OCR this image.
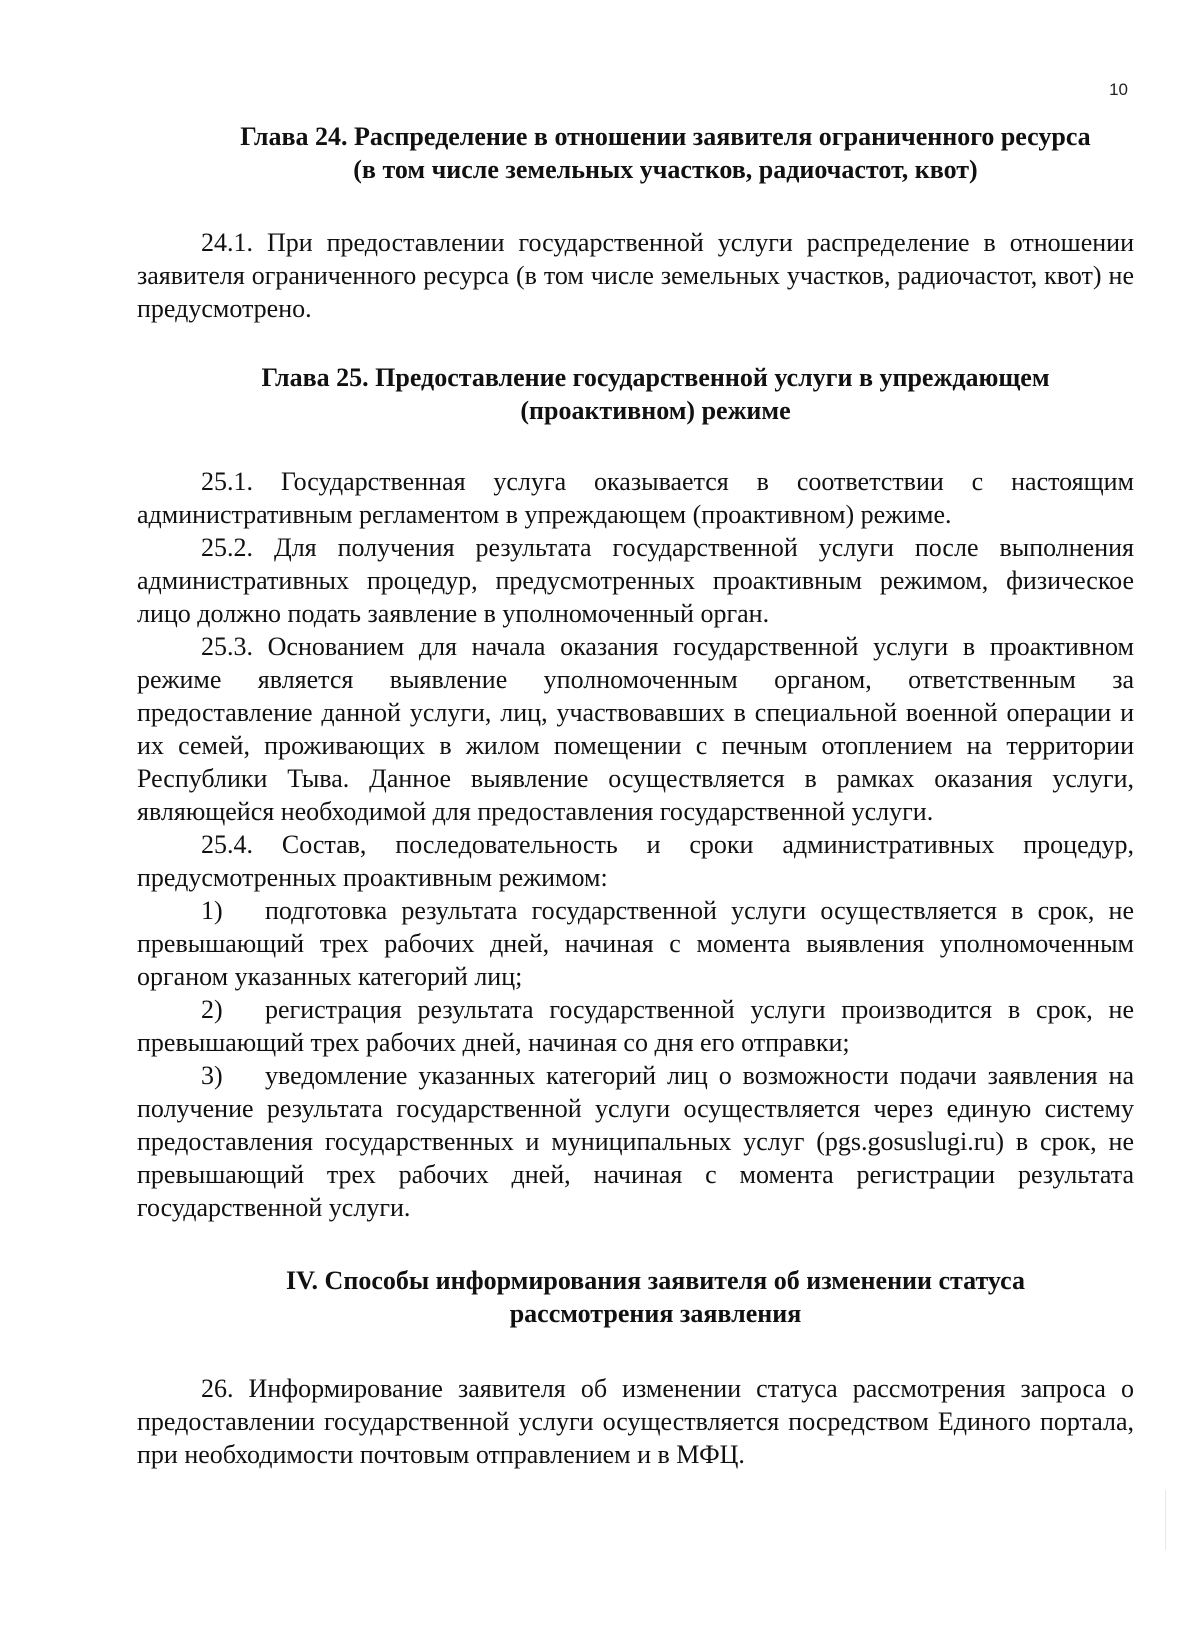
10
Глава 24. Распределение в отношении заявителя ограниченного ресурса
(в том числе земельных участков, радиочастот, квот)

24.1. При предоставлении государственной услуги распределение в отношении заявителя ограниченного ресурса (в том числе земельных участков, радиочастот, квот) не предусмотрено.

Глава 25. Предоставление государственной услуги в упреждающем
(проактивном) режиме

25.1. Государственная услуга оказывается в соответствии с настоящим административным регламентом в упреждающем (проактивном) режиме.

25.2. Для получения результата государственной услуги после выполнения административных процедур, предусмотренных проактивным режимом, физическое лицо должно подать заявление в уполномоченный орган.

25.3. Основанием для начала оказания государственной услуги в проактивном режиме является выявление уполномоченным органом, ответственным за предоставление данной услуги, лиц, участвовавших в специальной военной операции и их семей, проживающих в жилом помещении с печным отоплением на территории Республики Тыва. Данное выявление осуществляется в рамках оказания услуги, являющейся необходимой для предоставления государственной услуги.

25.4. Состав, последовательность и сроки административных процедур, предусмотренных проактивным режимом:

1) подготовка результата государственной услуги осуществляется в срок, не превышающий трех рабочих дней, начиная с момента выявления уполномоченным органом указанных категорий лиц;

2) регистрация результата государственной услуги производится в срок, не превышающий трех рабочих дней, начиная со дня его отправки;

3) уведомление указанных категорий лиц о возможности подачи заявления на получение результата государственной услуги осуществляется через единую систему предоставления государственных и муниципальных услуг (pgs.gosuslugi.ru) в срок, не превышающий трех рабочих дней, начиная с момента регистрации результата государственной услуги.

IV. Способы информирования заявителя об изменении статуса
рассмотрения заявления

26. Информирование заявителя об изменении статуса рассмотрения запроса о предоставлении государственной услуги осуществляется посредством Единого портала, при необходимости почтовым отправлением и в МФЦ.
